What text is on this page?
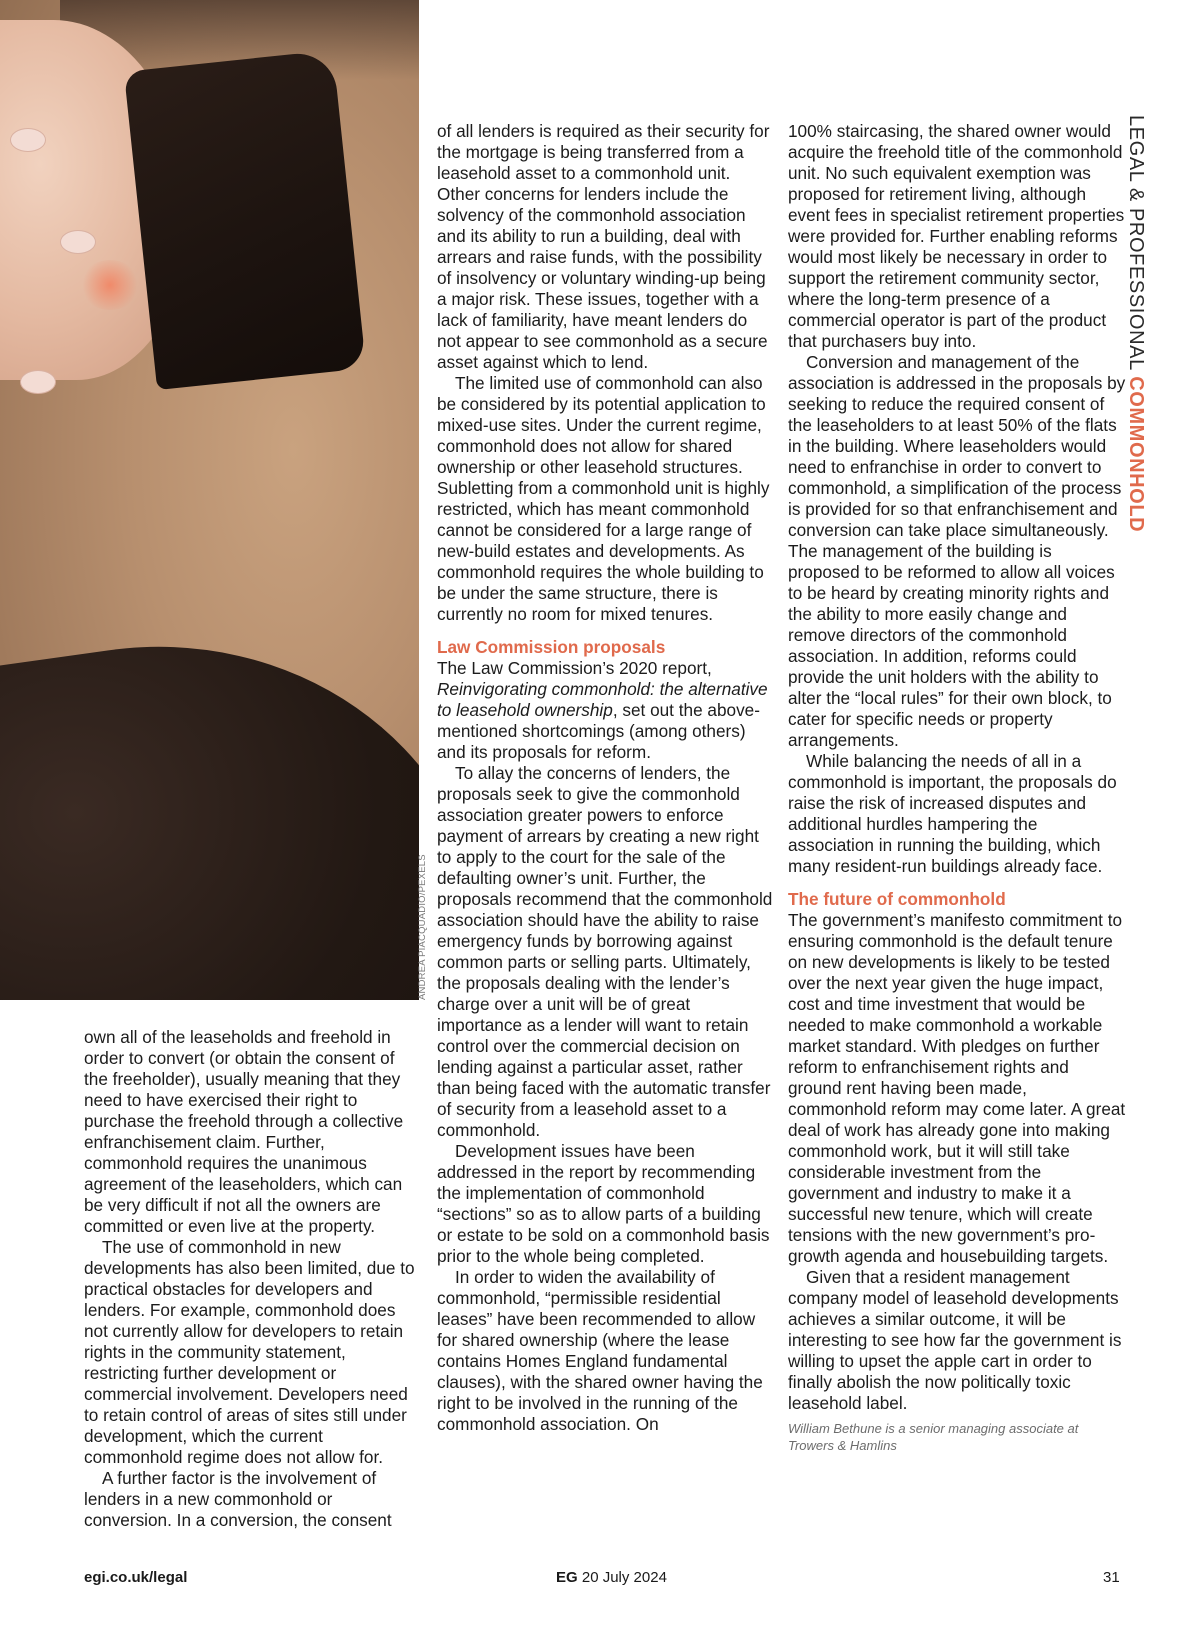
ANDREA PIACQUADIO/PEXELS
LEGAL & PROFESSIONAL COMMONHOLD

own all of the leaseholds and freehold in order to convert (or obtain the consent of the freeholder), usually meaning that they need to have exercised their right to purchase the freehold through a collective enfranchisement claim. Further, commonhold requires the unanimous agreement of the leaseholders, which can be very difficult if not all the owners are committed or even live at the property.

The use of commonhold in new developments has also been limited, due to practical obstacles for developers and lenders. For example, commonhold does not currently allow for developers to retain rights in the community statement, restricting further development or commercial involvement. Developers need to retain control of areas of sites still under development, which the current commonhold regime does not allow for.

A further factor is the involvement of lenders in a new commonhold or conversion. In a conversion, the consent

of all lenders is required as their security for the mortgage is being transferred from a leasehold asset to a commonhold unit. Other concerns for lenders include the solvency of the commonhold association and its ability to run a building, deal with arrears and raise funds, with the possibility of insolvency or voluntary winding-up being a major risk. These issues, together with a lack of familiarity, have meant lenders do not appear to see commonhold as a secure asset against which to lend.

The limited use of commonhold can also be considered by its potential application to mixed-use sites. Under the current regime, commonhold does not allow for shared ownership or other leasehold structures. Subletting from a commonhold unit is highly restricted, which has meant commonhold cannot be considered for a large range of new-build estates and developments. As commonhold requires the whole building to be under the same structure, there is currently no room for mixed tenures.

Law Commission proposals

The Law Commission’s 2020 report, Reinvigorating commonhold: the alternative to leasehold ownership, set out the above-mentioned shortcomings (among others) and its proposals for reform.

To allay the concerns of lenders, the proposals seek to give the commonhold association greater powers to enforce payment of arrears by creating a new right to apply to the court for the sale of the defaulting owner’s unit. Further, the proposals recommend that the commonhold association should have the ability to raise emergency funds by borrowing against common parts or selling parts. Ultimately, the proposals dealing with the lender’s charge over a unit will be of great importance as a lender will want to retain control over the commercial decision on lending against a particular asset, rather than being faced with the automatic transfer of security from a leasehold asset to a commonhold.

Development issues have been addressed in the report by recommending the implementation of commonhold “sections” so as to allow parts of a building or estate to be sold on a commonhold basis prior to the whole being completed.

In order to widen the availability of commonhold, “permissible residential leases” have been recommended to allow for shared ownership (where the lease contains Homes England fundamental clauses), with the shared owner having the right to be involved in the running of the commonhold association. On

100% staircasing, the shared owner would acquire the freehold title of the commonhold unit. No such equivalent exemption was proposed for retirement living, although event fees in specialist retirement properties were provided for. Further enabling reforms would most likely be necessary in order to support the retirement community sector, where the long-term presence of a commercial operator is part of the product that purchasers buy into.

Conversion and management of the association is addressed in the proposals by seeking to reduce the required consent of the leaseholders to at least 50% of the flats in the building. Where leaseholders would need to enfranchise in order to convert to commonhold, a simplification of the process is provided for so that enfranchisement and conversion can take place simultaneously. The management of the building is proposed to be reformed to allow all voices to be heard by creating minority rights and the ability to more easily change and remove directors of the commonhold association. In addition, reforms could provide the unit holders with the ability to alter the “local rules” for their own block, to cater for specific needs or property arrangements.

While balancing the needs of all in a commonhold is important, the proposals do raise the risk of increased disputes and additional hurdles hampering the association in running the building, which many resident-run buildings already face.

The future of commonhold

The government’s manifesto commitment to ensuring commonhold is the default tenure on new developments is likely to be tested over the next year given the huge impact, cost and time investment that would be needed to make commonhold a workable market standard. With pledges on further reform to enfranchisement rights and ground rent having been made, commonhold reform may come later. A great deal of work has already gone into making commonhold work, but it will still take considerable investment from the government and industry to make it a successful new tenure, which will create tensions with the new government’s pro-growth agenda and housebuilding targets.

Given that a resident management company model of leasehold developments achieves a similar outcome, it will be interesting to see how far the government is willing to upset the apple cart in order to finally abolish the now politically toxic leasehold label.

William Bethune is a senior managing associate at Trowers & Hamlins
egi.co.uk/legal	EG 20 July 2024	31
